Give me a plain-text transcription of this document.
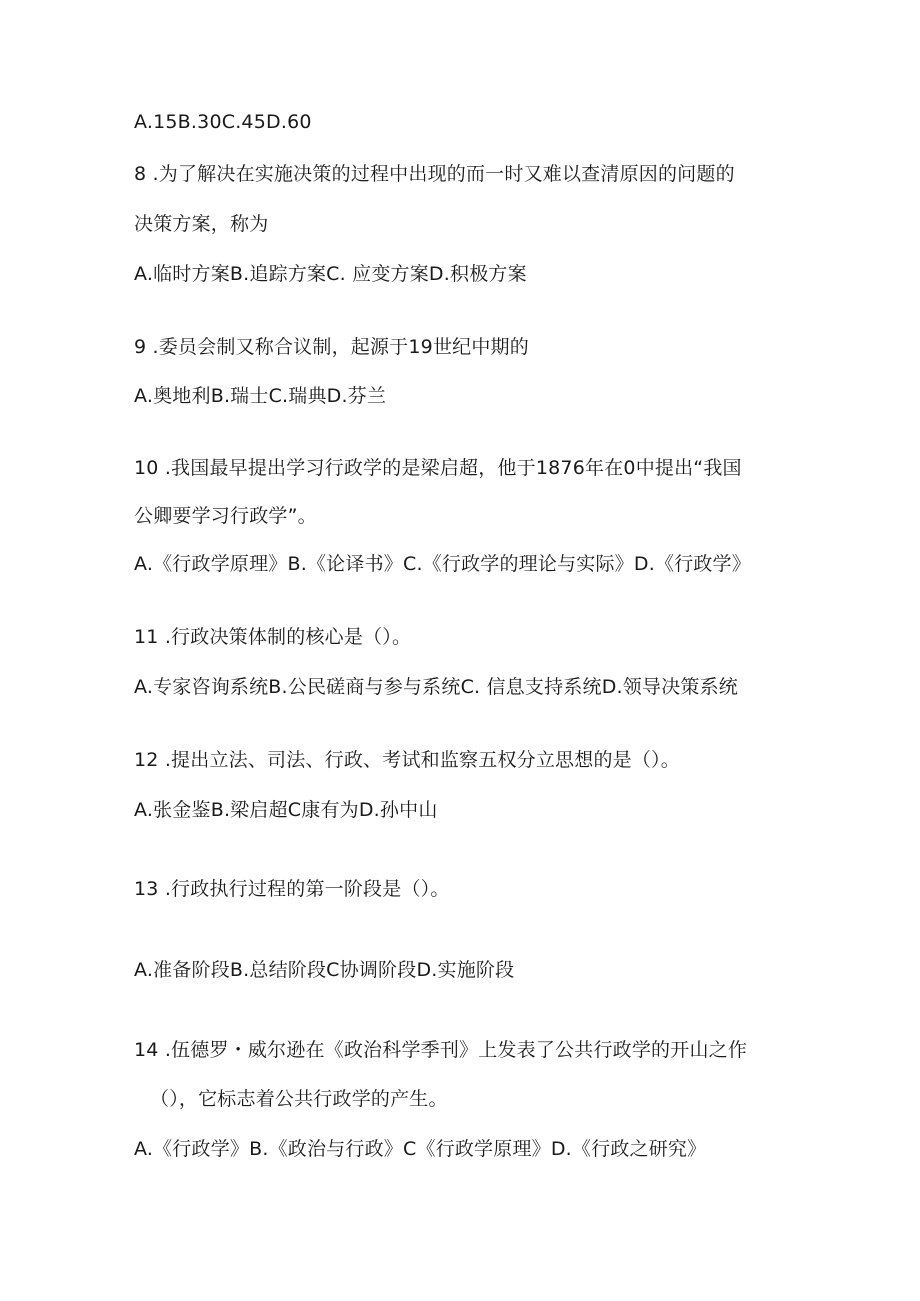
A.15B.30C.45D.60
8 .为了解决在实施决策的过程中出现的而一时又难以查清原因的问题的
决策方案，称为
A.临时方案B.追踪方案C. 应变方案D.积极方案
9 .委员会制又称合议制，起源于19世纪中期的
A.奥地利B.瑞士C.瑞典D.芬兰
10 .我国最早提出学习行政学的是梁启超，他于1876年在0中提出“我国
公卿要学习行政学”。
A.《行政学原理》B.《论译书》C.《行政学的理论与实际》D.《行政学》
11 .行政决策体制的核心是（）。
A.专家咨询系统B.公民磋商与参与系统C. 信息支持系统D.领导决策系统
12 .提出立法、司法、行政、考试和监察五权分立思想的是（）。
A.张金鉴B.梁启超C康有为D.孙中山
13 .行政执行过程的第一阶段是（）。
A.准备阶段B.总结阶段C协调阶段D.实施阶段
14 .伍德罗・威尔逊在《政治科学季刊》上发表了公共行政学的开山之作
（），它标志着公共行政学的产生。
A.《行政学》B.《政治与行政》C《行政学原理》D.《行政之研究》
